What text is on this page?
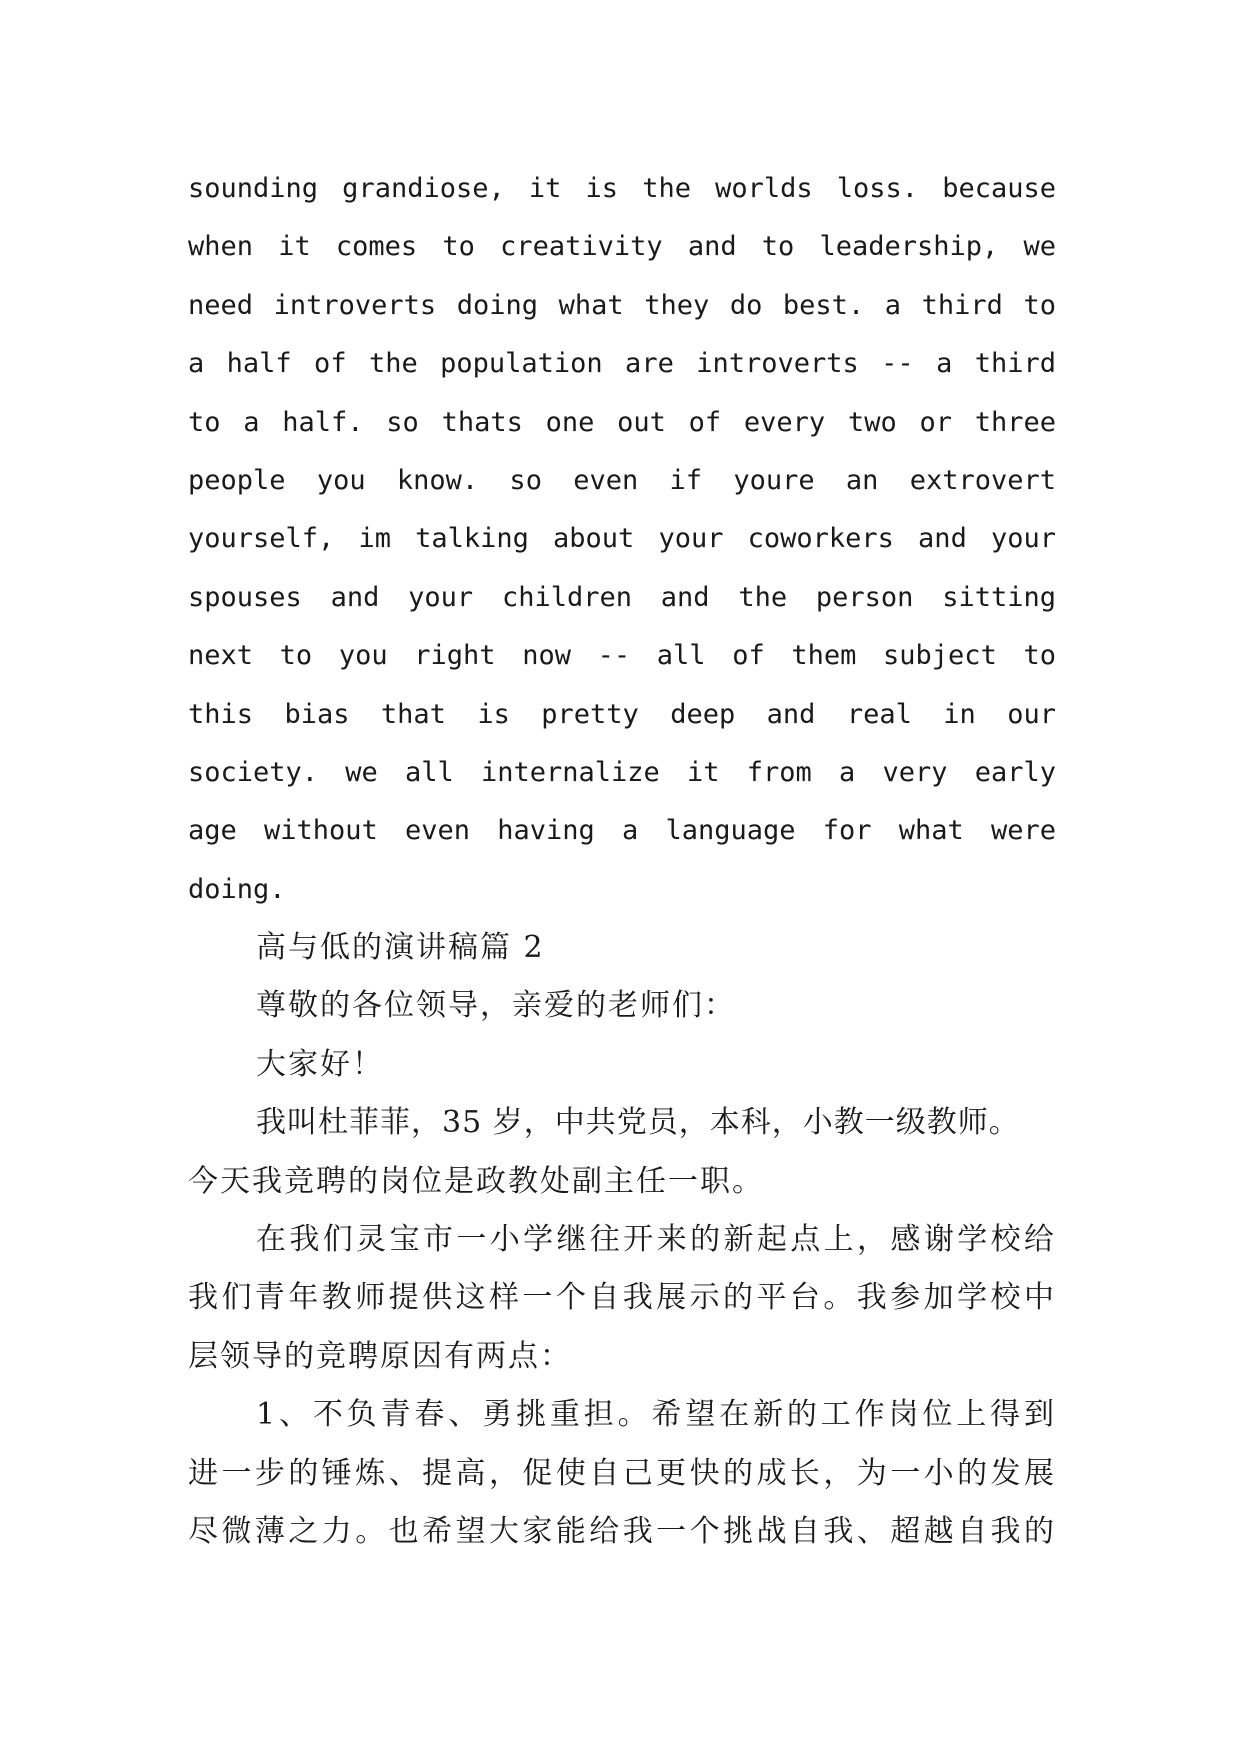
sounding grandiose, it is the worlds loss. because
when it comes to creativity and to leadership, we
need introverts doing what they do best. a third to
a half of the population are introverts -- a third
to a half. so thats one out of every two or three
people you know. so even if youre an extrovert
yourself, im talking about your coworkers and your
spouses and your children and the person sitting
next to you right now -- all of them subject to
this bias that is pretty deep and real in our
society. we all internalize it from a very early
age without even having a language for what were
doing.
高与低的演讲稿篇 2
尊敬的各位领导，亲爱的老师们：
大家好！
我叫杜菲菲，35 岁，中共党员，本科，小教一级教师。
今天我竞聘的岗位是政教处副主任一职。
在我们灵宝市一小学继往开来的新起点上，感谢学校给
我们青年教师提供这样一个自我展示的平台。我参加学校中
层领导的竞聘原因有两点：
1、不负青春、勇挑重担。希望在新的工作岗位上得到
进一步的锤炼、提高，促使自己更快的成长，为一小的发展
尽微薄之力。也希望大家能给我一个挑战自我、超越自我的
